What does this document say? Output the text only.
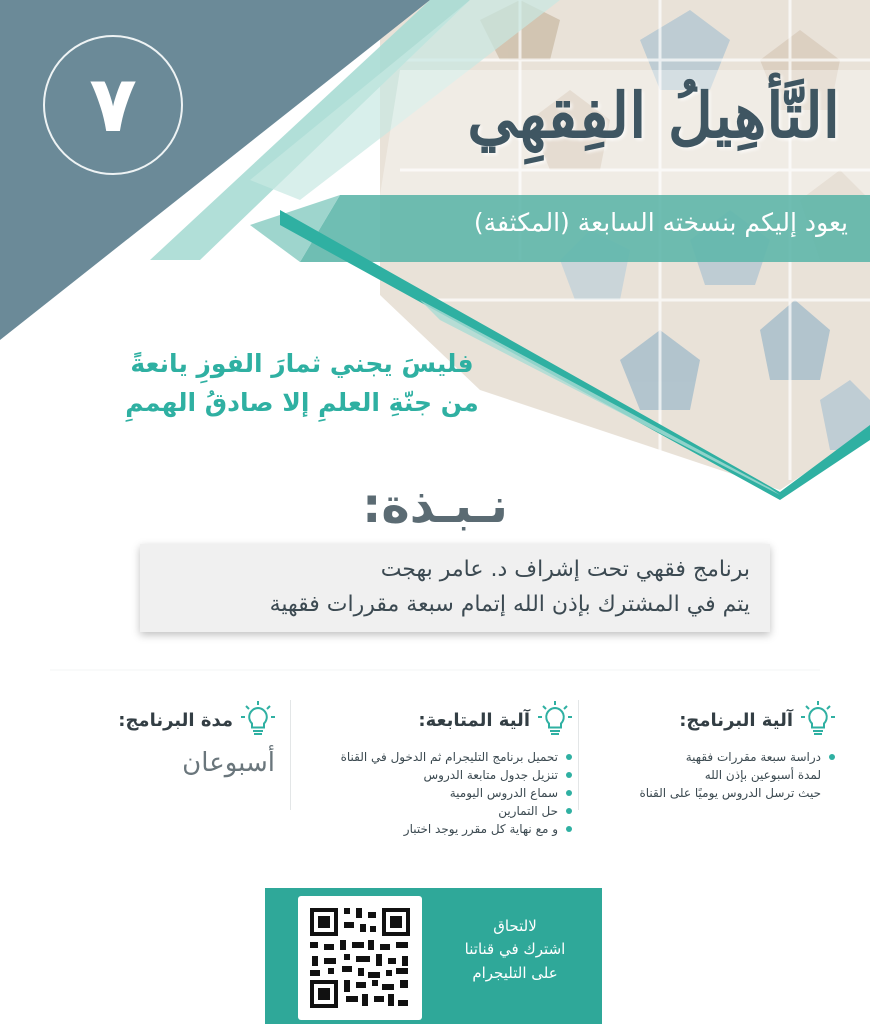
٧	التَّأهِيلُ الفِقهِي
يعود إليكم بنسخته السابعة (المكثفة)
فليسَ يجني ثمارَ الفوزِ يانعةً
من جنّةِ العلمِ إلا صادقُ الهممِ
نـبـذة:
برنامج فقهي تحت إشراف د. عامر بهجت
يتم في المشترك بإذن الله إتمام سبعة مقررات فقهية
آلية البرنامج:
دراسة سبعة مقررات فقهية
لمدة أسبوعين بإذن الله
حيث ترسل الدروس يوميًا على القناة
آلية المتابعة:
تحميل برنامج التليجرام ثم الدخول في القناة
تنزيل جدول متابعة الدروس
سماع الدروس اليومية
حل التمارين
و مع نهاية كل مقرر يوجد اختبار
مدة البرنامج:
أسبوعان
لالتحاق
اشترك في قناتنا
على التليجرام
